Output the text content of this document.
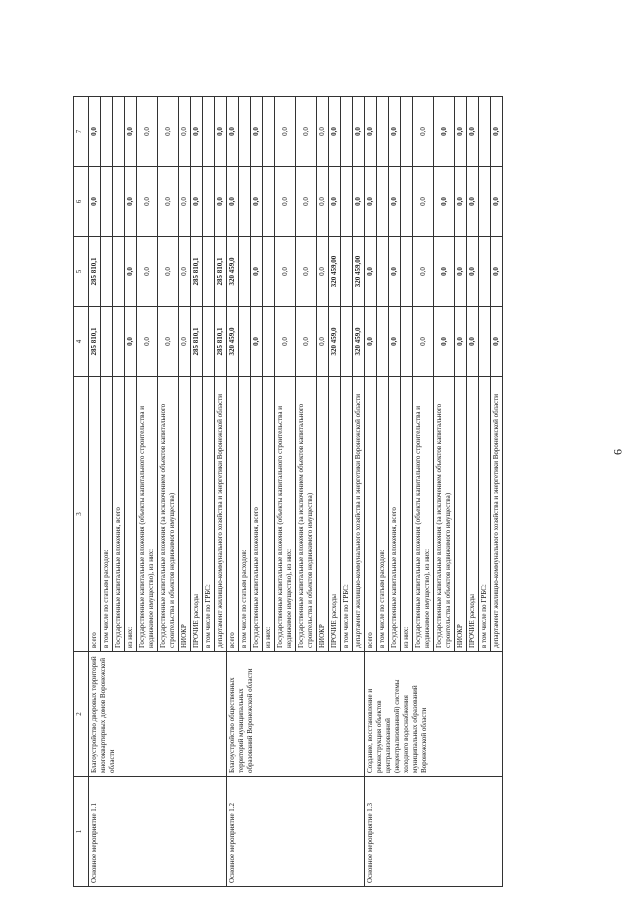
6
1	2	3	4	5	6	7
Основное мероприятие 1.1	Благоустройство дворовых территорий многоквартирных домов Воронежской области	всего	285 810,1	285 810,1	0,0	0,0
		в том числе по статьям расходов:				
		Государственные капитальные вложения, всего				
		из них:	0,0	0,0	0,0	0,0
		Государственные капитальные вложения (объекты капитального строительства и недвижимое имущество), из них:	0,0	0,0	0,0	0,0
		Государственные капитальные вложения (за исключением объектов капитального строительства и объектов недвижимого имущества)	0,0	0,0	0,0	0,0
		НИОКР	0,0	0,0	0,0	0,0
		ПРОЧИЕ расходы	285 810,1	285 810,1	0,0	0,0
		в том числе по ГРБС:				
		департамент жилищно-коммунального хозяйства и энергетики Воронежской области	285 810,1	285 810,1	0,0	0,0
Основное мероприятие 1.2	Благоустройство общественных территорий муниципальных образований Воронежской области	всего	320 459,0	320 459,0	0,0	0,0
		в том числе по статьям расходов:				
		Государственные капитальные вложения, всего	0,0	0,0	0,0	0,0
		из них:				
		Государственные капитальные вложения (объекты капитального строительства и недвижимое имущество), из них:	0,0	0,0	0,0	0,0
		Государственные капитальные вложения (за исключением объектов капитального строительства и объектов недвижимого имущества)	0,0	0,0	0,0	0,0
		НИОКР	0,0	0,0	0,0	0,0
		ПРОЧИЕ расходы	320 459,0	320 459,00	0,0	0,0
		в том числе по ГРБС:				
		департамент жилищно-коммунального хозяйства и энергетики Воронежской области	320 459,0	320 459,00	0,0	0,0
Основное мероприятие 1.3	Создание, восстановление и реконструкция объектов централизованной (нецентрализованной) системы холодного водоснабжения муниципальных образований Воронежской области	всего	0,0	0,0	0,0	0,0
		в том числе по статьям расходов:				
		Государственные капитальные вложения, всего	0,0	0,0	0,0	0,0
		из них:				
		Государственные капитальные вложения (объекты капитального строительства и недвижимое имущество), из них:	0,0	0,0	0,0	0,0
		Государственные капитальные вложения (за исключением объектов капитального строительства и объектов недвижимого имущества)	0,0	0,0	0,0	0,0
		НИОКР	0,0	0,0	0,0	0,0
		ПРОЧИЕ расходы	0,0	0,0	0,0	0,0
		в том числе по ГРБС:				
		департамент жилищно-коммунального хозяйства и энергетики Воронежской области	0,0	0,0	0,0	0,0
